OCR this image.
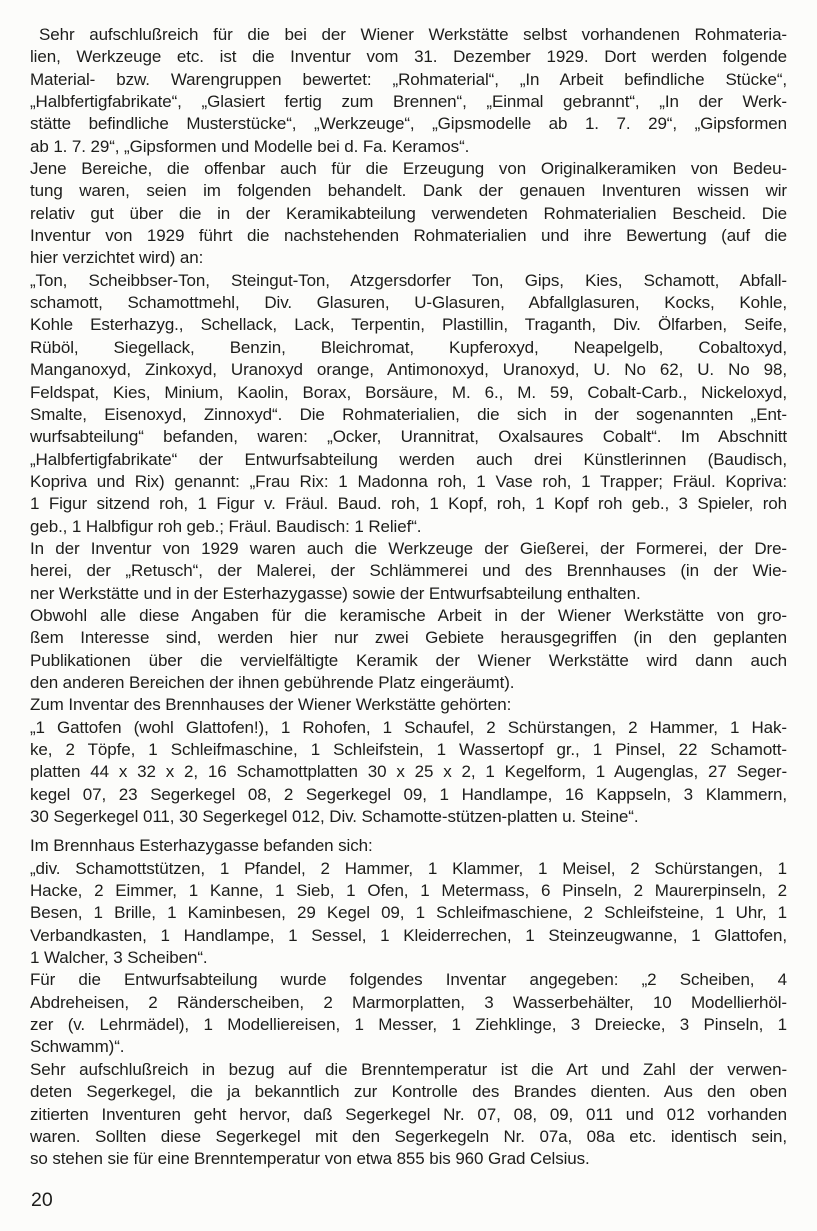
Sehr aufschlußreich für die bei der Wiener Werkstätte selbst vorhandenen Rohmateria-
lien, Werkzeuge etc. ist die Inventur vom 31. Dezember 1929. Dort werden folgende
Material- bzw. Warengruppen bewertet: „Rohmaterial“, „In Arbeit befindliche Stücke“,
„Halbfertigfabrikate“, „Glasiert fertig zum Brennen“, „Einmal gebrannt“, „In der Werk-
stätte befindliche Musterstücke“, „Werkzeuge“, „Gipsmodelle ab 1. 7. 29“, „Gipsformen
ab 1. 7. 29“, „Gipsformen und Modelle bei d. Fa. Keramos“.
Jene Bereiche, die offenbar auch für die Erzeugung von Originalkeramiken von Bedeu-
tung waren, seien im folgenden behandelt. Dank der genauen Inventuren wissen wir
relativ gut über die in der Keramikabteilung verwendeten Rohmaterialien Bescheid. Die
Inventur von 1929 führt die nachstehenden Rohmaterialien und ihre Bewertung (auf die
hier verzichtet wird) an:
„Ton, Scheibbser-Ton, Steingut-Ton, Atzgersdorfer Ton, Gips, Kies, Schamott, Abfall-
schamott, Schamottmehl, Div. Glasuren, U-Glasuren, Abfallglasuren, Kocks, Kohle,
Kohle Esterhazyg., Schellack, Lack, Terpentin, Plastillin, Traganth, Div. Ölfarben, Seife,
Rüböl, Siegellack, Benzin, Bleichromat, Kupferoxyd, Neapelgelb, Cobaltoxyd,
Manganoxyd, Zinkoxyd, Uranoxyd orange, Antimonoxyd, Uranoxyd, U. No 62, U. No 98,
Feldspat, Kies, Minium, Kaolin, Borax, Borsäure, M. 6., M. 59, Cobalt-Carb., Nickeloxyd,
Smalte, Eisenoxyd, Zinnoxyd“. Die Rohmaterialien, die sich in der sogenannten „Ent-
wurfsabteilung“ befanden, waren: „Ocker, Urannitrat, Oxalsaures Cobalt“. Im Abschnitt
„Halbfertigfabrikate“ der Entwurfsabteilung werden auch drei Künstlerinnen (Baudisch,
Kopriva und Rix) genannt: „Frau Rix: 1 Madonna roh, 1 Vase roh, 1 Trapper; Fräul. Kopriva:
1 Figur sitzend roh, 1 Figur v. Fräul. Baud. roh, 1 Kopf, roh, 1 Kopf roh geb., 3 Spieler, roh
geb., 1 Halbfigur roh geb.; Fräul. Baudisch: 1 Relief“.
In der Inventur von 1929 waren auch die Werkzeuge der Gießerei, der Formerei, der Dre-
herei, der „Retusch“, der Malerei, der Schlämmerei und des Brennhauses (in der Wie-
ner Werkstätte und in der Esterhazygasse) sowie der Entwurfsabteilung enthalten.
Obwohl alle diese Angaben für die keramische Arbeit in der Wiener Werkstätte von gro-
ßem Interesse sind, werden hier nur zwei Gebiete herausgegriffen (in den geplanten
Publikationen über die vervielfältigte Keramik der Wiener Werkstätte wird dann auch
den anderen Bereichen der ihnen gebührende Platz eingeräumt).
Zum Inventar des Brennhauses der Wiener Werkstätte gehörten:
„1 Gattofen (wohl Glattofen!), 1 Rohofen, 1 Schaufel, 2 Schürstangen, 2 Hammer, 1 Hak-
ke, 2 Töpfe, 1 Schleifmaschine, 1 Schleifstein, 1 Wassertopf gr., 1 Pinsel, 22 Schamott-
platten 44 x 32 x 2, 16 Schamottplatten 30 x 25 x 2, 1 Kegelform, 1 Augenglas, 27 Seger-
kegel 07, 23 Segerkegel 08, 2 Segerkegel 09, 1 Handlampe, 16 Kappseln, 3 Klammern,
30 Segerkegel 011, 30 Segerkegel 012, Div. Schamotte-stützen-platten u. Steine“.
Im Brennhaus Esterhazygasse befanden sich:
„div. Schamottstützen, 1 Pfandel, 2 Hammer, 1 Klammer, 1 Meisel, 2 Schürstangen, 1
Hacke, 2 Eimmer, 1 Kanne, 1 Sieb, 1 Ofen, 1 Metermass, 6 Pinseln, 2 Maurerpinseln, 2
Besen, 1 Brille, 1 Kaminbesen, 29 Kegel 09, 1 Schleifmaschiene, 2 Schleifsteine, 1 Uhr, 1
Verbandkasten, 1 Handlampe, 1 Sessel, 1 Kleiderrechen, 1 Steinzeugwanne, 1 Glattofen,
1 Walcher, 3 Scheiben“.
Für die Entwurfsabteilung wurde folgendes Inventar angegeben: „2 Scheiben, 4
Abdreheisen, 2 Ränderscheiben, 2 Marmorplatten, 3 Wasserbehälter, 10 Modellierhöl-
zer (v. Lehrmädel), 1 Modelliereisen, 1 Messer, 1 Ziehklinge, 3 Dreiecke, 3 Pinseln, 1
Schwamm)“.
Sehr aufschlußreich in bezug auf die Brenntemperatur ist die Art und Zahl der verwen-
deten Segerkegel, die ja bekanntlich zur Kontrolle des Brandes dienten. Aus den oben
zitierten Inventuren geht hervor, daß Segerkegel Nr. 07, 08, 09, 011 und 012 vorhanden
waren. Sollten diese Segerkegel mit den Segerkegeln Nr. 07a, 08a etc. identisch sein,
so stehen sie für eine Brenntemperatur von etwa 855 bis 960 Grad Celsius.
20
